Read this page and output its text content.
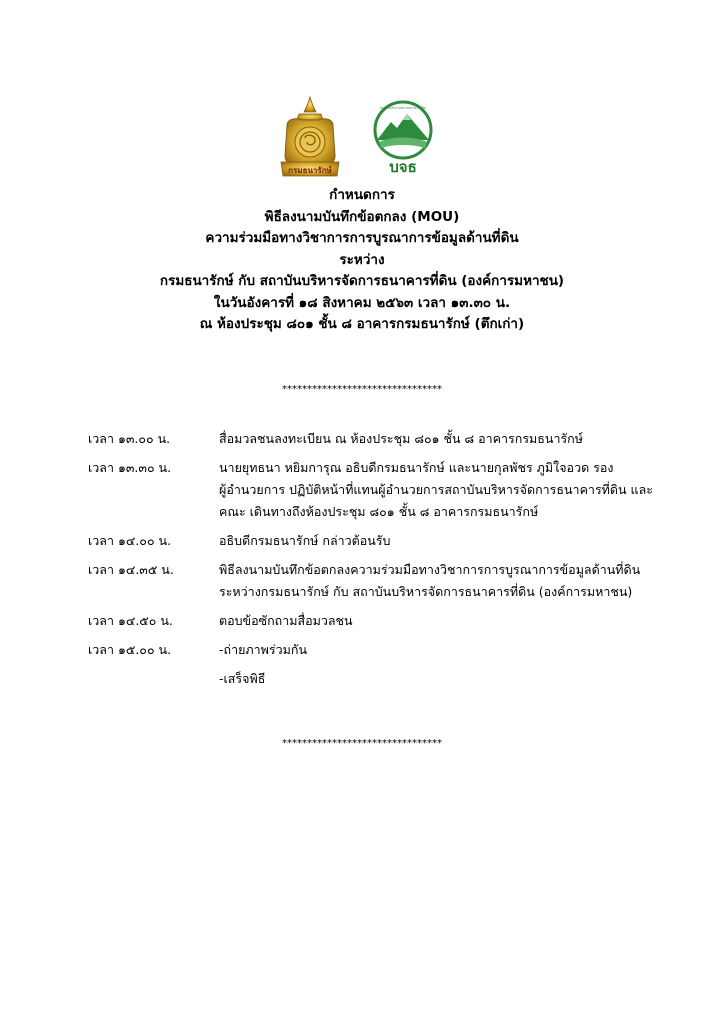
กรมธนารักษ์	บจธ
สถาบันบริหารจัดการธนาคารที่ดิน
กำหนดการ
พิธีลงนามบันทึกข้อตกลง (MOU)
ความร่วมมือทางวิชาการการบูรณาการข้อมูลด้านที่ดิน
ระหว่าง
กรมธนารักษ์ กับ สถาบันบริหารจัดการธนาคารที่ดิน (องค์การมหาชน)
ในวันอังคารที่ ๑๘ สิงหาคม ๒๕๖๓ เวลา ๑๓.๓๐ น.
ณ ห้องประชุม ๘๐๑ ชั้น ๘ อาคารกรมธนารักษ์ (ตึกเก่า)
********************************
เวลา ๑๓.๐๐ น.	สื่อมวลชนลงทะเบียน ณ ห้องประชุม ๘๐๑ ชั้น ๘ อาคารกรมธนารักษ์
เวลา ๑๓.๓๐ น.	นายยุทธนา หยิมการุณ อธิบดีกรมธนารักษ์ และนายกุลพัชร ภูมิใจอวด รอง
ผู้อำนวยการ ปฏิบัติหน้าที่แทนผู้อำนวยการสถาบันบริหารจัดการธนาคารที่ดิน และ
คณะ เดินทางถึงห้องประชุม ๘๐๑ ชั้น ๘ อาคารกรมธนารักษ์
เวลา ๑๔.๐๐ น.	อธิบดีกรมธนารักษ์ กล่าวต้อนรับ
เวลา ๑๔.๓๕ น.	พิธีลงนามบันทึกข้อตกลงความร่วมมือทางวิชาการการบูรณาการข้อมูลด้านที่ดิน
ระหว่างกรมธนารักษ์ กับ สถาบันบริหารจัดการธนาคารที่ดิน (องค์การมหาชน)
เวลา ๑๔.๕๐ น.	ตอบข้อซักถามสื่อมวลชน
เวลา ๑๕.๐๐ น.	-ถ่ายภาพร่วมกัน
-เสร็จพิธี
********************************
